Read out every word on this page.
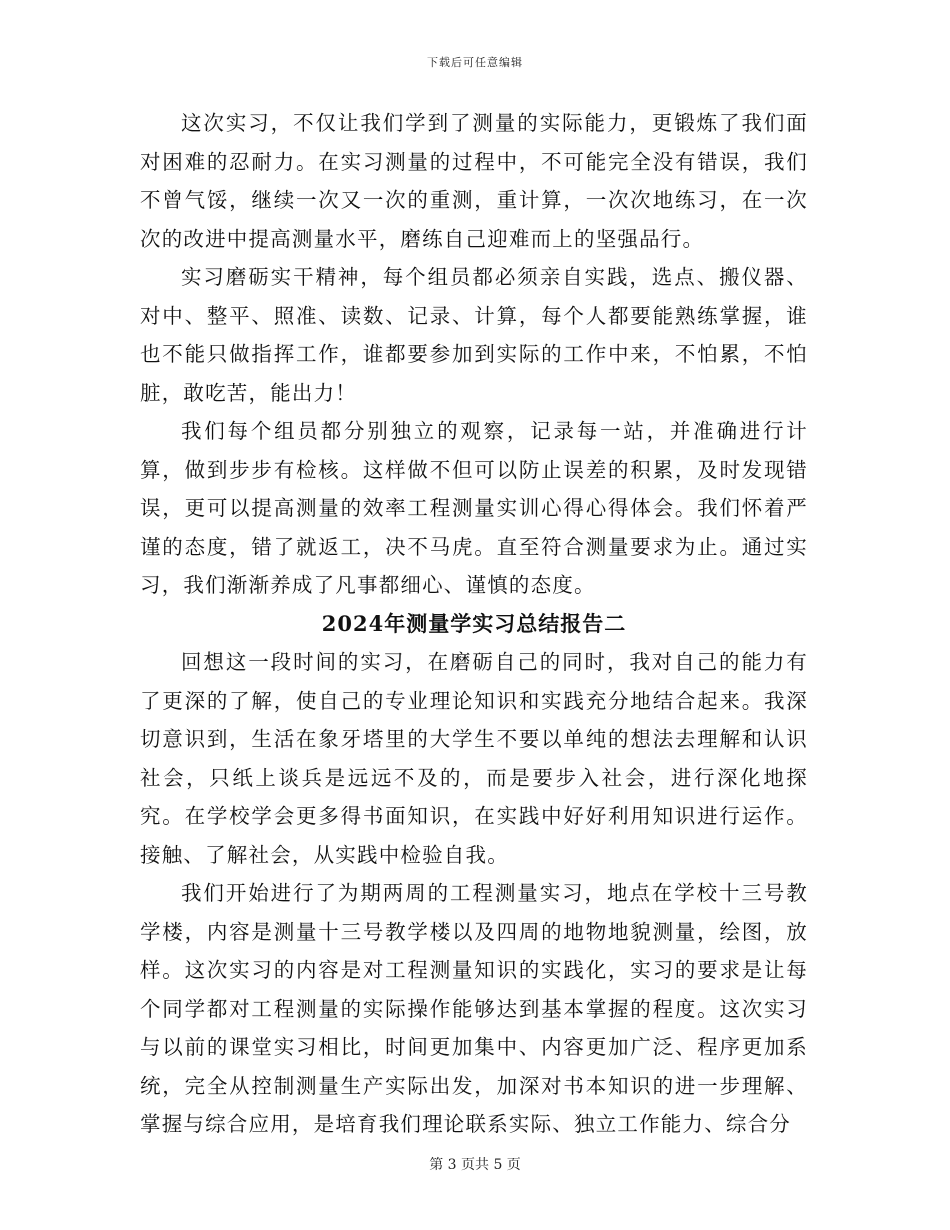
下载后可任意编辑

这次实习，不仅让我们学到了测量的实际能力，更锻炼了我们面对困难的忍耐力。在实习测量的过程中，不可能完全没有错误，我们不曾气馁，继续一次又一次的重测，重计算，一次次地练习，在一次次的改进中提高测量水平，磨练自己迎难而上的坚强品行。

实习磨砺实干精神，每个组员都必须亲自实践，选点、搬仪器、对中、整平、照准、读数、记录、计算，每个人都要能熟练掌握，谁也不能只做指挥工作，谁都要参加到实际的工作中来，不怕累，不怕脏，敢吃苦，能出力！

我们每个组员都分别独立的观察，记录每一站，并准确进行计算，做到步步有检核。这样做不但可以防止误差的积累，及时发现错误，更可以提高测量的效率工程测量实训心得心得体会。我们怀着严谨的态度，错了就返工，决不马虎。直至符合测量要求为止。通过实习，我们渐渐养成了凡事都细心、谨慎的态度。

2024年测量学实习总结报告二

回想这一段时间的实习，在磨砺自己的同时，我对自己的能力有了更深的了解，使自己的专业理论知识和实践充分地结合起来。我深切意识到，生活在象牙塔里的大学生不要以单纯的想法去理解和认识社会，只纸上谈兵是远远不及的，而是要步入社会，进行深化地探究。在学校学会更多得书面知识，在实践中好好利用知识进行运作。接触、了解社会，从实践中检验自我。

我们开始进行了为期两周的工程测量实习，地点在学校十三号教学楼，内容是测量十三号教学楼以及四周的地物地貌测量，绘图，放样。这次实习的内容是对工程测量知识的实践化，实习的要求是让每个同学都对工程测量的实际操作能够达到基本掌握的程度。这次实习与以前的课堂实习相比，时间更加集中、内容更加广泛、程序更加系统，完全从控制测量生产实际出发，加深对书本知识的进一步理解、掌握与综合应用，是培育我们理论联系实际、独立工作能力、综合分

第 3 页共 5 页
